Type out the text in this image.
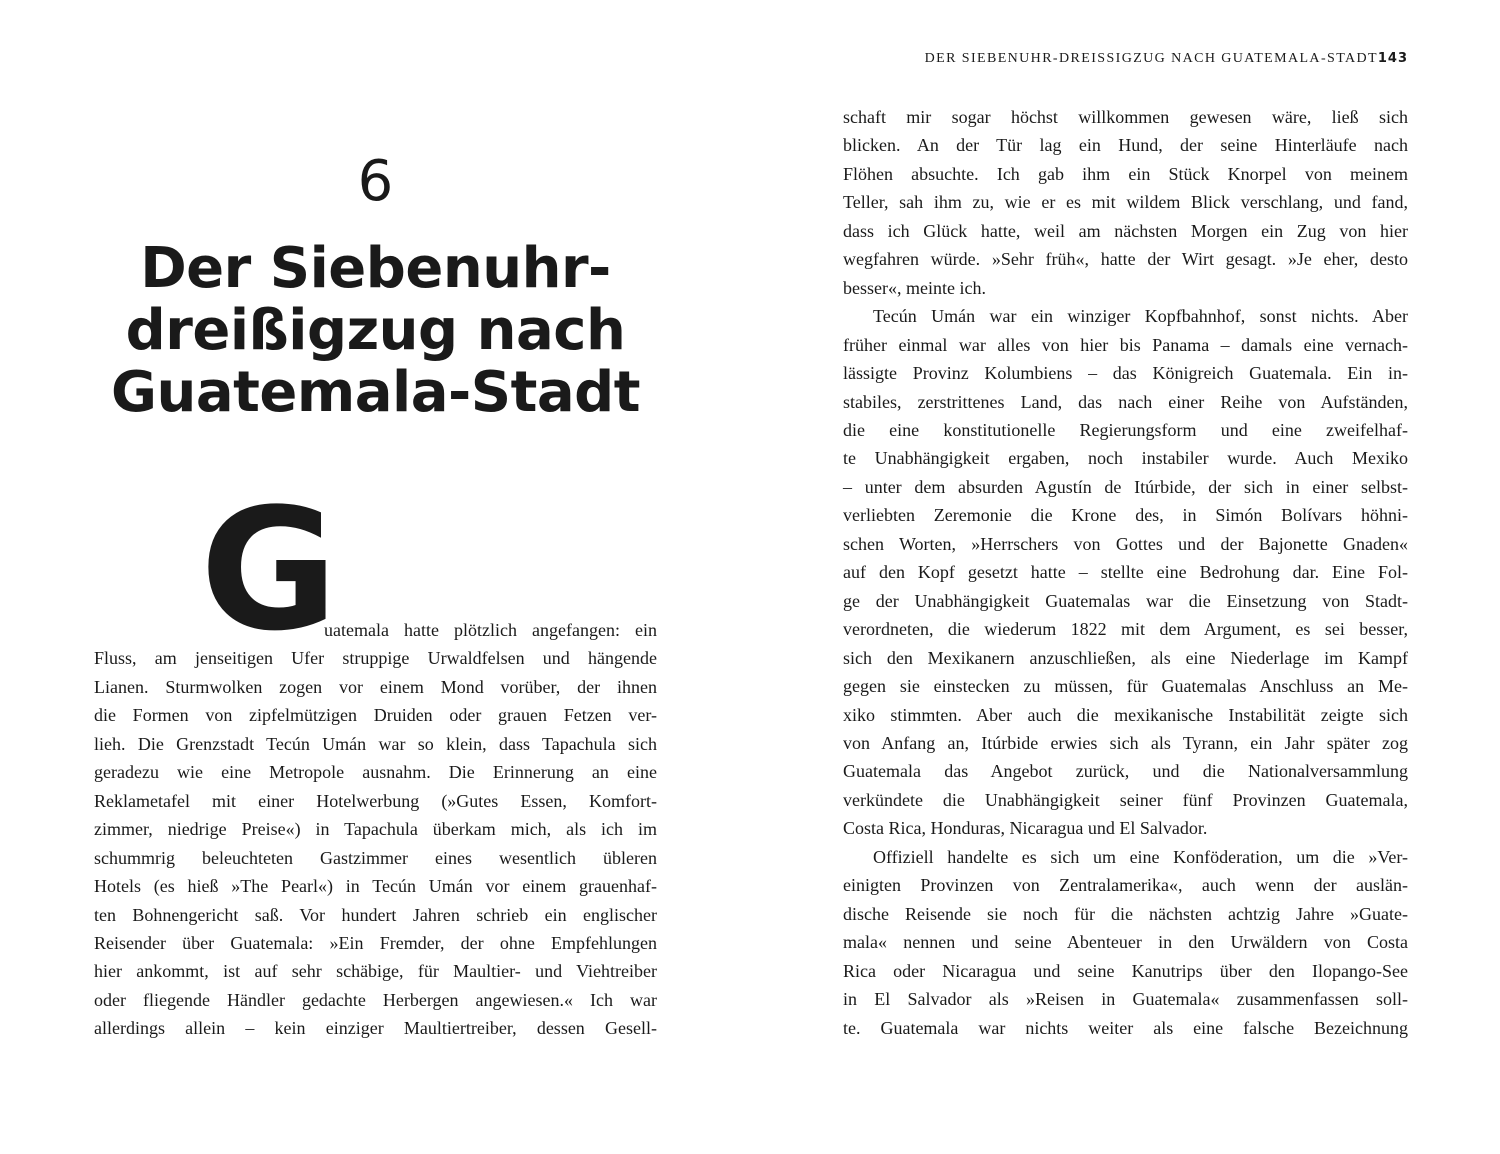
6
Der Siebenuhr-
dreißigzug nach
Guatemala-Stadt
G
uatemala hatte plötzlich angefangen: ein
Fluss, am jenseitigen Ufer struppige Urwaldfelsen und hängende
Lianen. Sturmwolken zogen vor einem Mond vorüber, der ihnen
die Formen von zipfelmützigen Druiden oder grauen Fetzen ver-
lieh. Die Grenzstadt Tecún Umán war so klein, dass Tapachula sich
geradezu wie eine Metropole ausnahm. Die Erinnerung an eine
Reklametafel mit einer Hotelwerbung (»Gutes Essen, Komfort-
zimmer, niedrige Preise«) in Tapachula überkam mich, als ich im
schummrig beleuchteten Gastzimmer eines wesentlich übleren
Hotels (es hieß »The Pearl«) in Tecún Umán vor einem grauenhaf-
ten Bohnengericht saß. Vor hundert Jahren schrieb ein englischer
Reisender über Guatemala: »Ein Fremder, der ohne Empfehlungen
hier ankommt, ist auf sehr schäbige, für Maultier- und Viehtreiber
oder fliegende Händler gedachte Herbergen angewiesen.« Ich war
allerdings allein – kein einziger Maultiertreiber, dessen Gesell-
DER SIEBENUHR-DREISSIGZUG NACH GUATEMALA-STADT 143
schaft mir sogar höchst willkommen gewesen wäre, ließ sich
blicken. An der Tür lag ein Hund, der seine Hinterläufe nach
Flöhen absuchte. Ich gab ihm ein Stück Knorpel von meinem
Teller, sah ihm zu, wie er es mit wildem Blick verschlang, und fand,
dass ich Glück hatte, weil am nächsten Morgen ein Zug von hier
wegfahren würde. »Sehr früh«, hatte der Wirt gesagt. »Je eher, desto
besser«, meinte ich.
Tecún Umán war ein winziger Kopfbahnhof, sonst nichts. Aber
früher einmal war alles von hier bis Panama – damals eine vernach-
lässigte Provinz Kolumbiens – das Königreich Guatemala. Ein in-
stabiles, zerstrittenes Land, das nach einer Reihe von Aufständen,
die eine konstitutionelle Regierungsform und eine zweifelhaf-
te Unabhängigkeit ergaben, noch instabiler wurde. Auch Mexiko
– unter dem absurden Agustín de Itúrbide, der sich in einer selbst-
verliebten Zeremonie die Krone des, in Simón Bolívars höhni-
schen Worten, »Herrschers von Gottes und der Bajonette Gnaden«
auf den Kopf gesetzt hatte – stellte eine Bedrohung dar. Eine Fol-
ge der Unabhängigkeit Guatemalas war die Einsetzung von Stadt-
verordneten, die wiederum 1822 mit dem Argument, es sei besser,
sich den Mexikanern anzuschließen, als eine Niederlage im Kampf
gegen sie einstecken zu müssen, für Guatemalas Anschluss an Me-
xiko stimmten. Aber auch die mexikanische Instabilität zeigte sich
von Anfang an, Itúrbide erwies sich als Tyrann, ein Jahr später zog
Guatemala das Angebot zurück, und die Nationalversammlung
verkündete die Unabhängigkeit seiner fünf Provinzen Guatemala,
Costa Rica, Honduras, Nicaragua und El Salvador.
Offiziell handelte es sich um eine Konföderation, um die »Ver-
einigten Provinzen von Zentralamerika«, auch wenn der auslän-
dische Reisende sie noch für die nächsten achtzig Jahre »Guate-
mala« nennen und seine Abenteuer in den Urwäldern von Costa
Rica oder Nicaragua und seine Kanutrips über den Ilopango-See
in El Salvador als »Reisen in Guatemala« zusammenfassen soll-
te. Guatemala war nichts weiter als eine falsche Bezeichnung
